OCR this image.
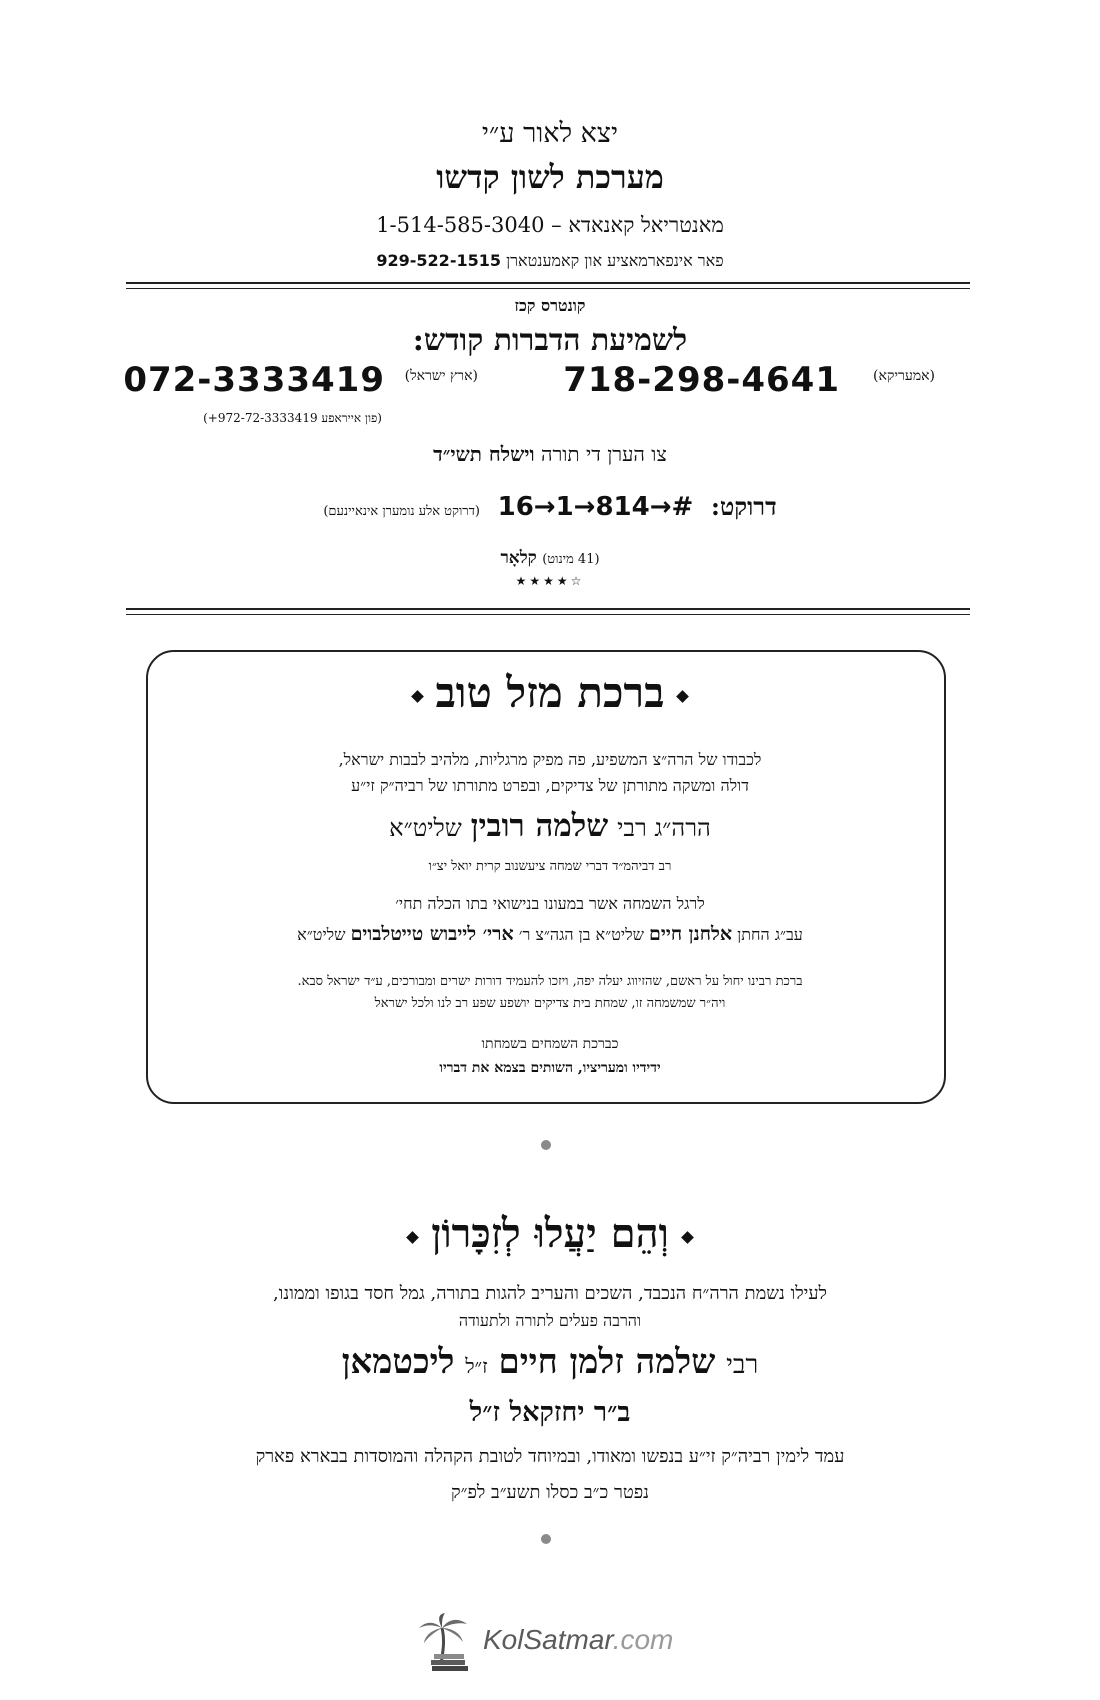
יצא לאור ע״י
מערכת לשון קדשו
מאנטריאל קאנאדא – 1-514-585-3040
פאר אינפארמאציע און קאמענטארן 929-522-1515
קונטרס קכז
לשמיעת הדברות קודש:
(אמעריקא)
718-298-4641
(ארץ ישראל)
072-3333419
(פון אייראפע 972-72-3333419+)
צו הערן די תורה וישלח תשי״ד
דרוקט: 16→1→814→# (דרוקט אלע נומערן אינאיינעם)
(41 מינוט) קלאָר
★★★★☆
ברכת מזל טוב
לכבודו של הרה״צ המשפיע, פה מפיק מרגליות, מלהיב לבבות ישראל,
דולה ומשקה מתורתן של צדיקים, ובפרט מתורתו של רביה״ק זי״ע
הרה״ג רבי שלמה רובין שליט״א
רב דביהמ״ד דברי שמחה ציעשנוב קרית יואל יצ״ו
לרגל השמחה אשר במעונו בנישואי בתו הכלה תחי׳
עב״ג החתן אלחנן חיים שליט״א בן הגה״צ ר׳ ארי׳ לייבוש טייטלבוים שליט״א
ברכת רבינו יחול על ראשם, שהזיווג יעלה יפה, ויזכו להעמיד דורות ישרים ומבורכים, ע״ד ישראל סבא.
ויה״ר שמשמחה זו, שמחת בית צדיקים יושפע שפע רב לנו ולכל ישראל
כברכת השמחים בשמחתו
ידידיו ומעריציו, השותים בצמא את דבריו
וְהֵם יַעֲלוּ לְזִכָּרוֹן
לעילו נשמת הרה״ח הנכבד, השכים והעריב להגות בתורה, גמל חסד בגופו וממונו,
והרבה פעלים לתורה ולתעודה
רבי שלמה זלמן חיים ז״ל ליכטמאן
ב״ר יחזקאל ז״ל
עמד לימין רביה״ק זי״ע בנפשו ומאודו, ובמיוחד לטובת הקהלה והמוסדות בבארא פארק
נפטר כ״ב כסלו תשע״ב לפ״ק
KolSatmar.com
